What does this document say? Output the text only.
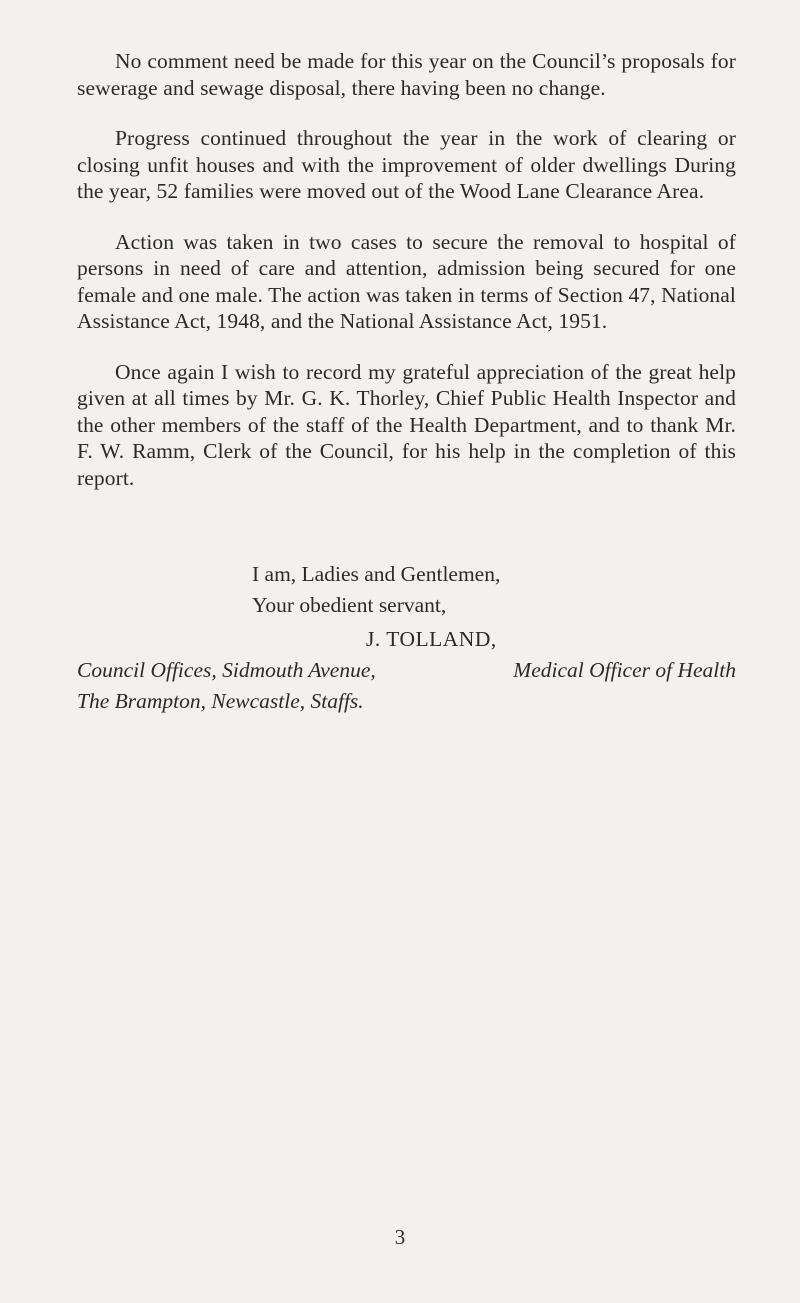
No comment need be made for this year on the Council’s proposals for sewerage and sewage disposal, there having been no change.

Progress continued throughout the year in the work of clearing or closing unfit houses and with the improvement of older dwellings During the year, 52 families were moved out of the Wood Lane Clearance Area.

Action was taken in two cases to secure the removal to hospital of persons in need of care and attention, admission being secured for one female and one male. The action was taken in terms of Section 47, National Assistance Act, 1948, and the National Assistance Act, 1951.

Once again I wish to record my grateful appreciation of the great help given at all times by Mr. G. K. Thorley, Chief Public Health Inspector and the other members of the staff of the Health Department, and to thank Mr. F. W. Ramm, Clerk of the Council, for his help in the completion of this report.

I am, Ladies and Gentlemen,
Your obedient servant,
J. TOLLAND,
Council Offices, Sidmouth Avenue,	Medical Officer of Health
The Brampton, Newcastle, Staffs.
3
